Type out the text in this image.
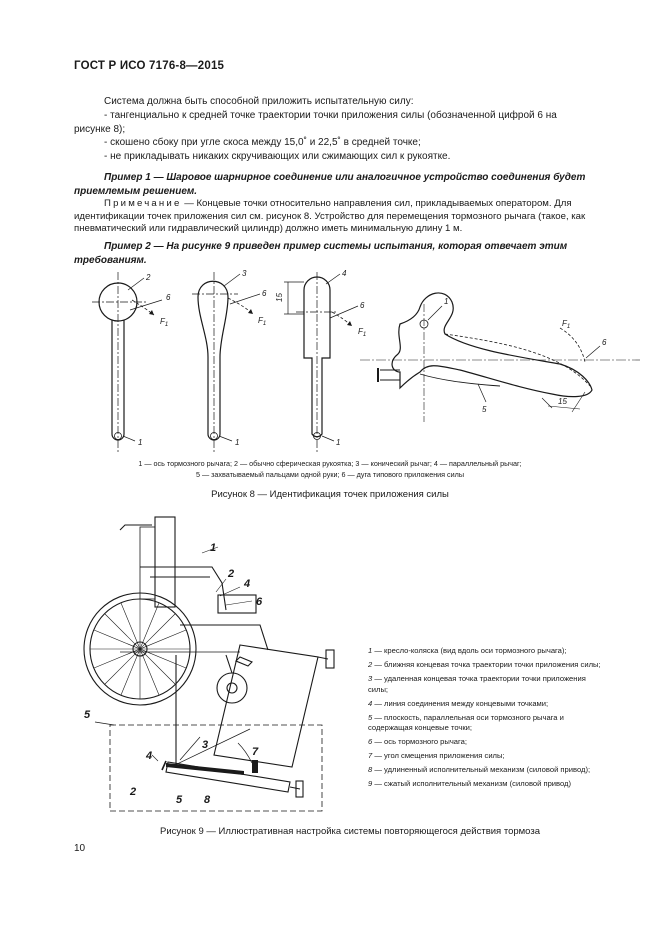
ГОСТ Р ИСО 7176-8—2015
Система должна быть способной приложить испытательную силу:
- тангенциально к средней точке траектории точки приложения силы (обозначенной цифрой 6 на рисунке 8);
- скошено сбоку при угле скоса между 15,0˚ и 22,5˚ в средней точке;
- не прикладывать никаких скручивающих или сжимающих сил к рукоятке.
Пример 1 — Шаровое шарнирное соединение или аналогичное устройство соединения будет приемлемым решением.
Примечание — Концевые точки относительно направления сил, прикладываемых оператором. Для идентификации точек приложения сил см. рисунок 8. Устройство для перемещения тормозного рычага (такое, как пневматический или гидравлический цилиндр) должно иметь минимальную длину 1 м.
Пример 2 — На рисунке 9 приведен пример системы испытания, которая отвечает этим требованиям.
2
6
$F_1$
1
3
6
$F_1$
1
4
6
$F_1$
1
15	1
$F_1$
6
5
15
1 — ось тормозного рычага; 2 — обычно сферическая рукоятка; 3 — конический рычаг; 4 — параллельный рычаг;
5 — захватываемый пальцами одной руки; 6 — дуга типового приложения силы
Рисунок 8 — Идентификация точек приложения силы
1
2
4
6
5
3
4	7
2
5 8
1 — кресло-коляска (вид вдоль оси тормозного рычага);
2 — ближняя концевая точка траектории точки приложения силы;
3 — удаленная концевая точка траектории точки приложения силы;
4 — линия соединения между концевыми точками;
5 — плоскость, параллельная оси тормозного рычага и содержащая концевые точки;
6 — ось тормозного рычага;
7 — угол смещения приложения силы;
8 — удлиненный исполнительный механизм (силовой привод);
9 — сжатый исполнительный механизм (силовой привод)
Рисунок 9 — Иллюстративная настройка системы повторяющегося действия тормоза
10
